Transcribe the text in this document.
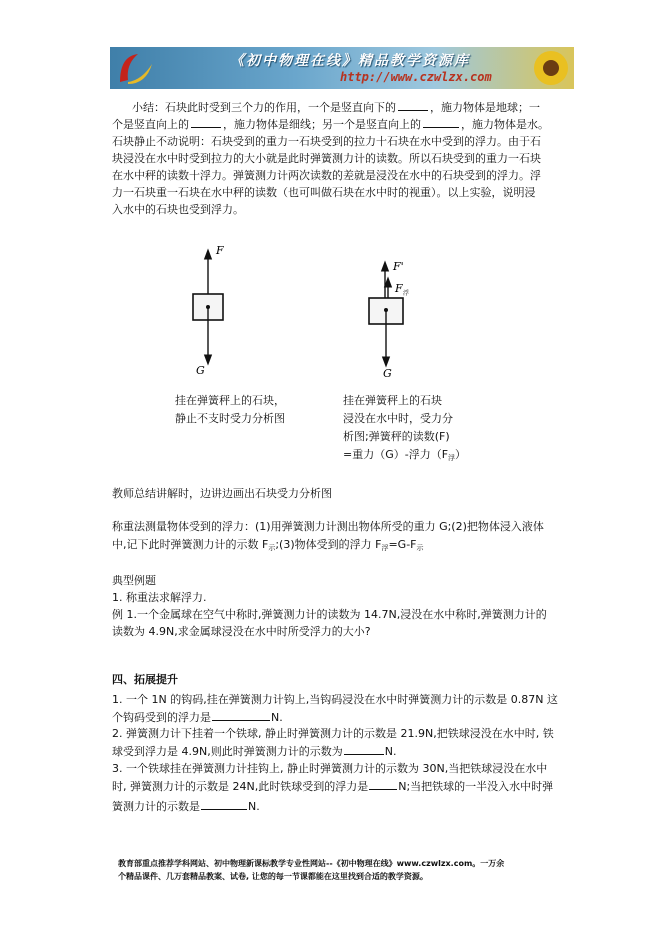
《初中物理在线》精品教学资源库
http://www.czwlzx.com
小结：石块此时受到三个力的作用，一个是竖直向下的	，施力物体是地球；一
个是竖直向上的	，施力物体是细线；另一个是竖直向上的	，施力物体是水。
石块静止不动说明：石块受到的重力一石块受到的拉力十石块在水中受到的浮力。由于石
块浸没在水中时受到拉力的大小就是此时弹簧测力计的读数。所以石块受到的重力一石块
在水中秤的读数十浮力。弹簧测力计两次读数的差就是浸没在水中的石块受到的浮力。浮
力一石块重一石块在水中秤的读数（也可叫做石块在水中时的视重）。以上实验，说明浸
入水中的石块也受到浮力。
F
G
挂在弹簧秤上的石块，
静止不支时受力分析图
F'
F 浮
G
挂在弹簧秤上的石块
浸没在水中时，受力分
析图;弹簧秤的读数(F)
=重力（G）-浮力$(F_浮)$
教师总结讲解时，边讲边画出石块受力分析图
称重法测量物体受到的浮力：(1)用弹簧测力计测出物体所受的重力 G;(2)把物体浸入液体
中,记下此时弹簧测力计的示数 $F_示;(3)$物体受到的浮力 $F_浮=G-F_示$
典型例题
1. 称重法求解浮力.
例 1.一个金属球在空气中称时,弹簧测力计的读数为 14.7N,浸没在水中称时,弹簧测力计的
读数为 4.9N,求金属球浸没在水中时所受浮力的大小?
四、拓展提升
1. 一个 1N 的钩码,挂在弹簧测力计钩上,当钩码浸没在水中时弹簧测力计的示数是 0.87N 这
个钩码受到的浮力是	N.
2. 弹簧测力计下挂着一个铁球, 静止时弹簧测力计的示数是 21.9N,把铁球浸没在水中时, 铁
球受到浮力是 4.9N,则此时弹簧测力计的示数为	N.
3. 一个铁球挂在弹簧测力计挂钩上, 静止时弹簧测力计的示数为 30N,当把铁球浸没在水中
时, 弹簧测力计的示数是 24N,此时铁球受到的浮力是	N;当把铁球的一半没入水中时弹
簧测力计的示数是	N.
教育部重点推荐学科网站、初中物理新课标教学专业性网站--《初中物理在线》www.czwlzx.com。一万余
个精品课件、几万套精品教案、试卷, 让您的每一节课都能在这里找到合适的教学资源。
